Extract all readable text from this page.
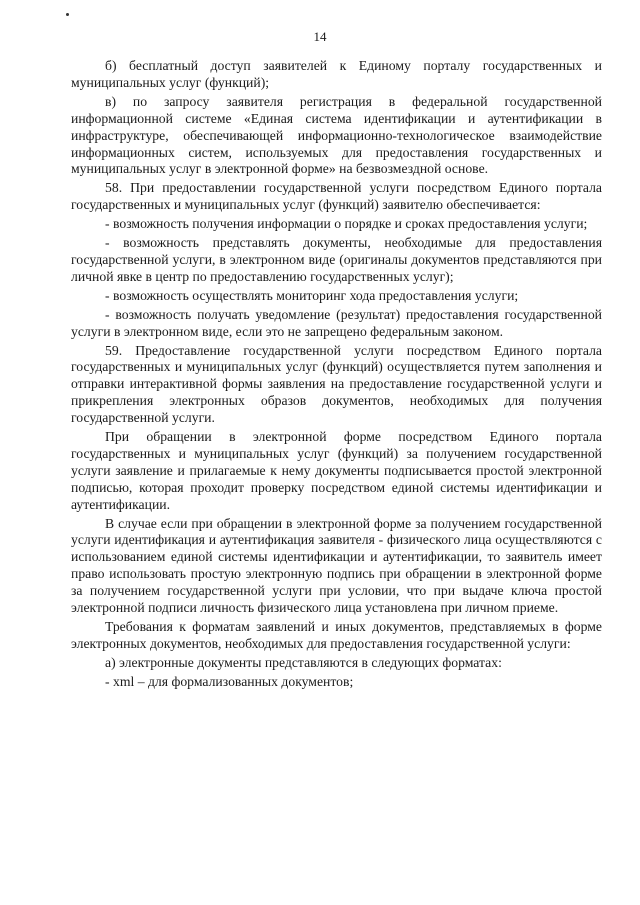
14

б) бесплатный доступ заявителей к Единому порталу государственных и муниципальных услуг (функций);

в) по запросу заявителя регистрация в федеральной государственной информационной системе «Единая система идентификации и аутентификации в инфраструктуре, обеспечивающей информационно-технологическое взаимодействие информационных систем, используемых для предоставления государственных и муниципальных услуг в электронной форме» на безвозмездной основе.

58. При предоставлении государственной услуги посредством Единого портала государственных и муниципальных услуг (функций) заявителю обеспечивается:

- возможность получения информации о порядке и сроках предоставления услуги;

- возможность представлять документы, необходимые для предоставления государственной услуги, в электронном виде (оригиналы документов представляются при личной явке в центр по предоставлению государственных услуг);

- возможность осуществлять мониторинг хода предоставления услуги;

- возможность получать уведомление (результат) предоставления государственной услуги в электронном виде, если это не запрещено федеральным законом.

59. Предоставление государственной услуги посредством Единого портала государственных и муниципальных услуг (функций) осуществляется путем заполнения и отправки интерактивной формы заявления на предоставление государственной услуги и прикрепления электронных образов документов, необходимых для получения государственной услуги.

При обращении в электронной форме посредством Единого портала государственных и муниципальных услуг (функций) за получением государственной услуги заявление и прилагаемые к нему документы подписывается простой электронной подписью, которая проходит проверку посредством единой системы идентификации и аутентификации.

В случае если при обращении в электронной форме за получением государственной услуги идентификация и аутентификация заявителя - физического лица осуществляются с использованием единой системы идентификации и аутентификации, то заявитель имеет право использовать простую электронную подпись при обращении в электронной форме за получением государственной услуги при условии, что при выдаче ключа простой электронной подписи личность физического лица установлена при личном приеме.

Требования к форматам заявлений и иных документов, представляемых в форме электронных документов, необходимых для предоставления государственной услуги:

а) электронные документы представляются в следующих форматах:

- xml – для формализованных документов;
